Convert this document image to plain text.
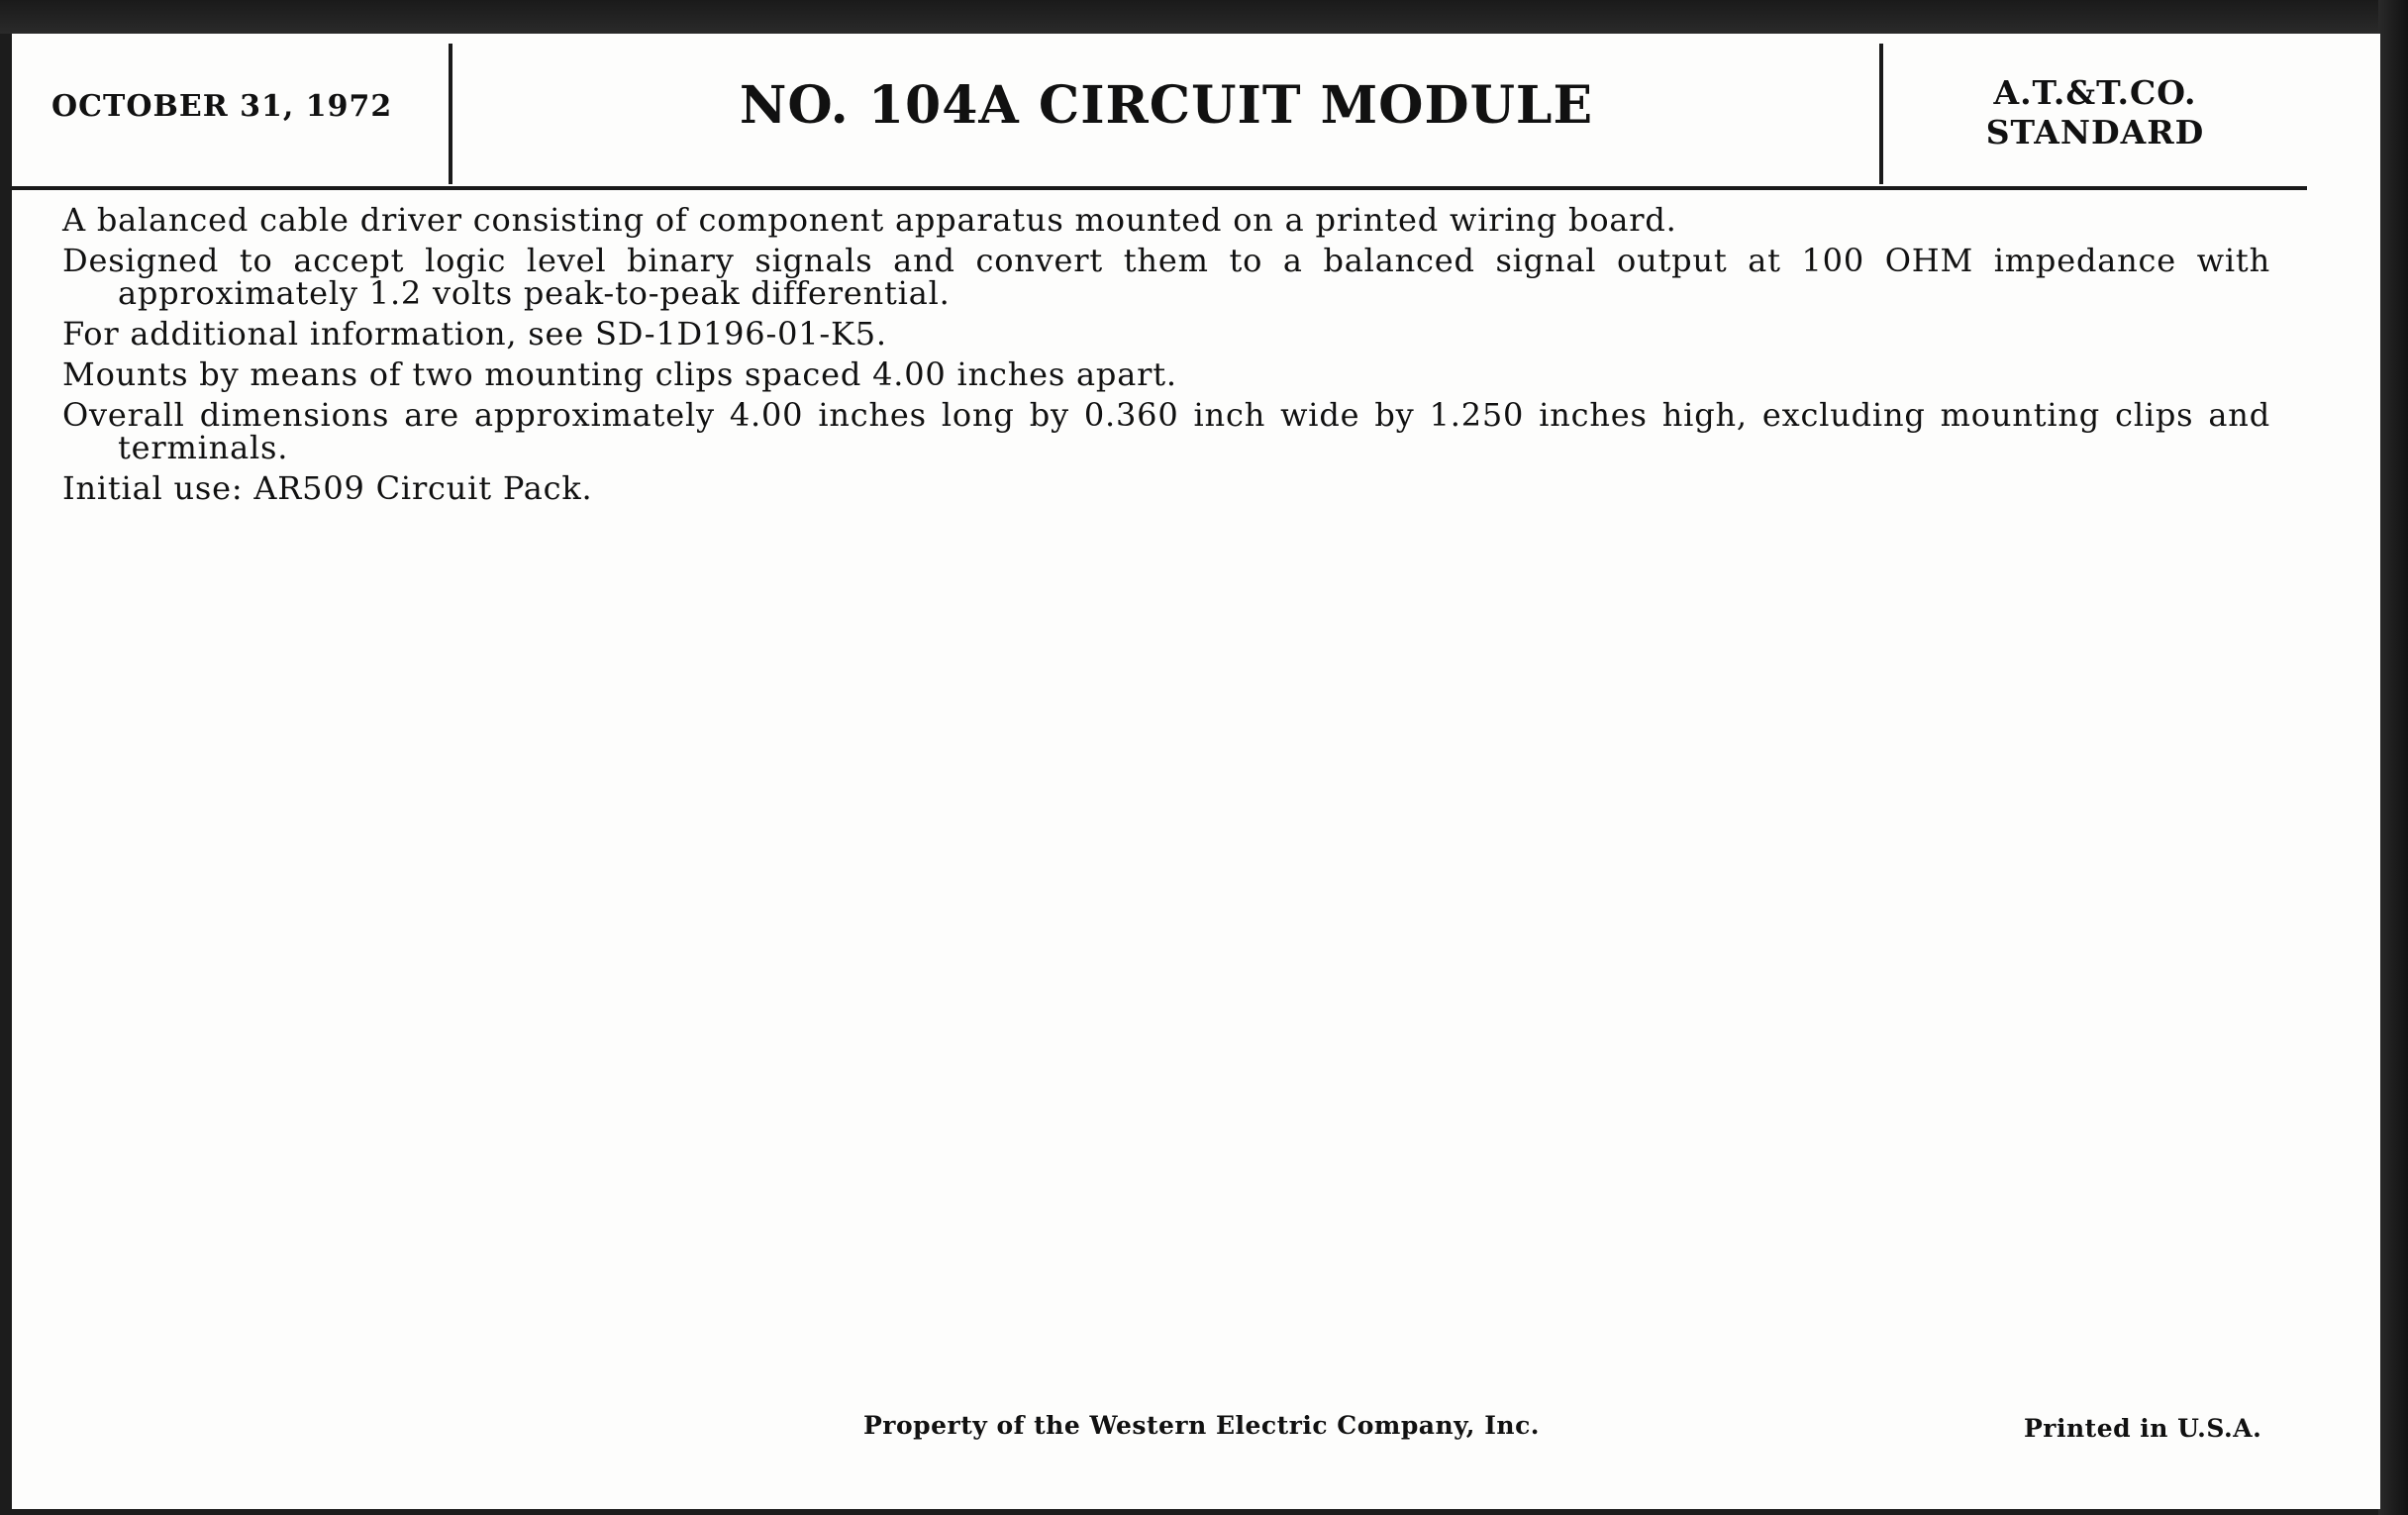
OCTOBER 31, 1972	NO. 104A CIRCUIT MODULE	A.T.&T.CO.
STANDARD

A balanced cable driver consisting of component apparatus mounted on a printed wiring board.

Designed to accept logic level binary signals and convert them to a balanced signal output at 100 OHM impedance with approximately 1.2 volts peak-to-peak differential.

For additional information, see SD-1D196-01-K5.

Mounts by means of two mounting clips spaced 4.00 inches apart.

Overall dimensions are approximately 4.00 inches long by 0.360 inch wide by 1.250 inches high, excluding mounting clips and terminals.

Initial use: AR509 Circuit Pack.

Property of the Western Electric Company, Inc.	Printed in U.S.A.
